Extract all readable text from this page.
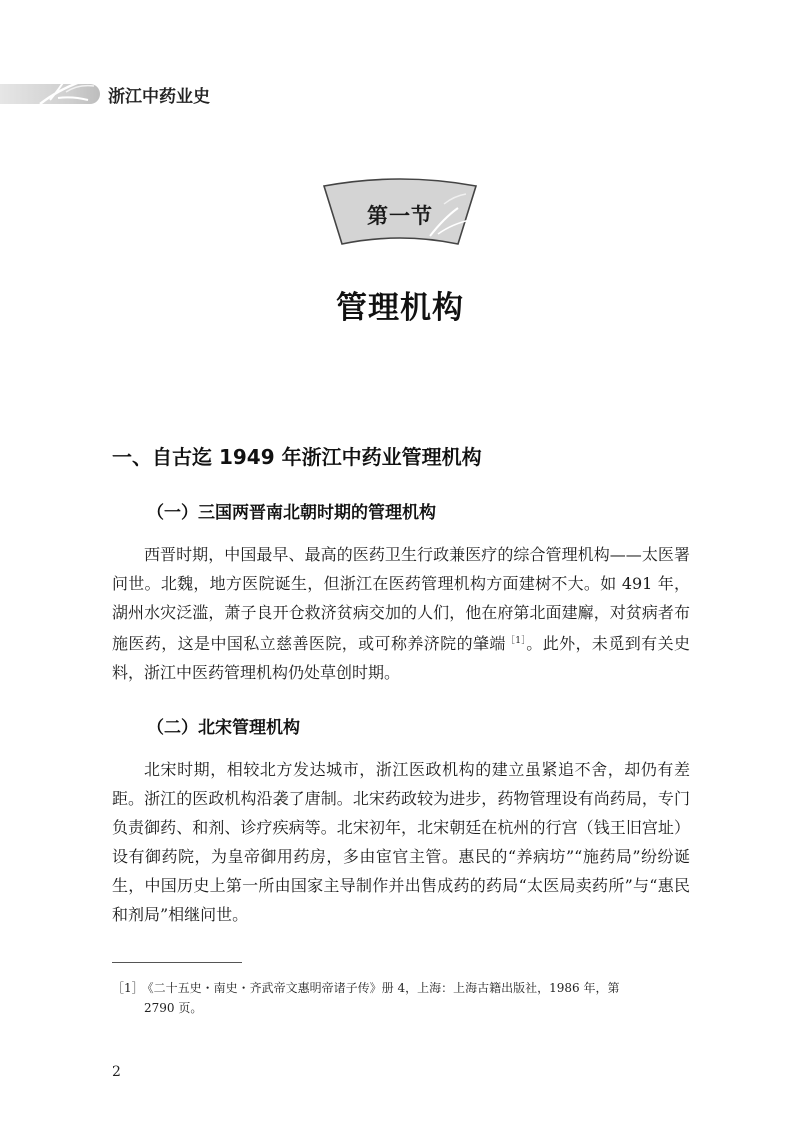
浙江中药业史
第一节
管理机构
一、自古迄 1949 年浙江中药业管理机构
（一）三国两晋南北朝时期的管理机构

西晋时期，中国最早、最高的医药卫生行政兼医疗的综合管理机构——太医署问世。北魏，地方医院诞生，但浙江在医药管理机构方面建树不大。如 491 年，湖州水灾泛滥，萧子良开仓救济贫病交加的人们，他在府第北面建廨，对贫病者布施医药，这是中国私立慈善医院，或可称养济院的肇端$^{[1]}$。此外，未觅到有关史料，浙江中医药管理机构仍处草创时期。

（二）北宋管理机构

北宋时期，相较北方发达城市，浙江医政机构的建立虽紧追不舍，却仍有差距。浙江的医政机构沿袭了唐制。北宋药政较为进步，药物管理设有尚药局，专门负责御药、和剂、诊疗疾病等。北宋初年，北宋朝廷在杭州的行宫（钱王旧宫址）设有御药院，为皇帝御用药房，多由宦官主管。惠民的“养病坊”“施药局”纷纷诞生，中国历史上第一所由国家主导制作并出售成药的药局“太医局卖药所”与“惠民和剂局”相继问世。

［1］ 《二十五史・南史・齐武帝文惠明帝诸子传》册 4，上海：上海古籍出版社，1986 年，第
2790 页。
2
